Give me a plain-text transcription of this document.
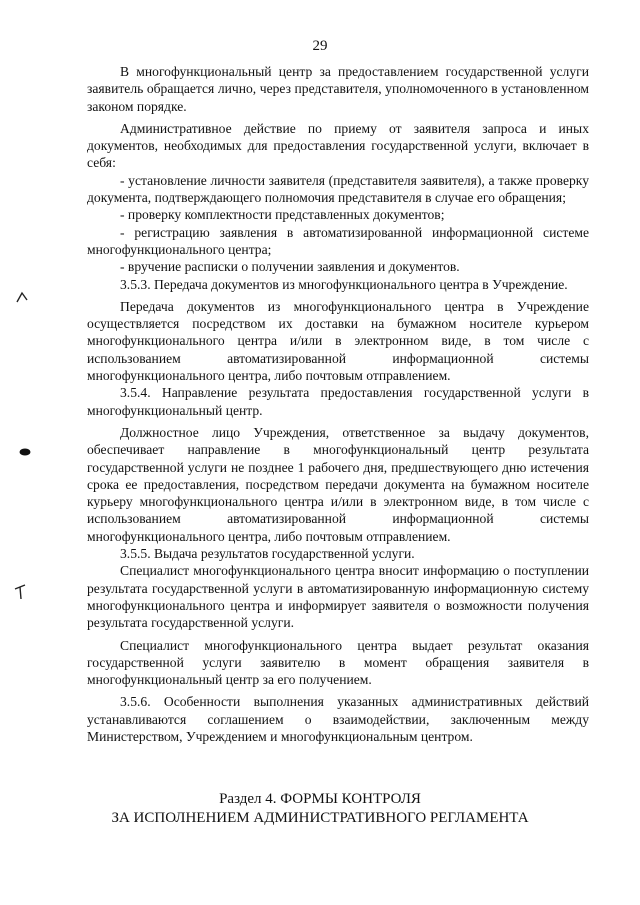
29

В многофункциональный центр за предоставлением государственной услуги заявитель обращается лично, через представителя, уполномоченного в установленном законом порядке.

Административное действие по приему от заявителя запроса и иных документов, необходимых для предоставления государственной услуги, включает в себя:

- установление личности заявителя (представителя заявителя), а также проверку документа, подтверждающего полномочия представителя в случае его обращения;

- проверку комплектности представленных документов;

- регистрацию заявления в автоматизированной информационной системе многофункционального центра;

- вручение расписки о получении заявления и документов.

3.5.3. Передача документов из многофункционального центра в Учреждение.

Передача документов из многофункционального центра в Учреждение осуществляется посредством их доставки на бумажном носителе курьером многофункционального центра и/или в электронном виде, в том числе с использованием автоматизированной информационной системы многофункционального центра, либо почтовым отправлением.

3.5.4. Направление результата предоставления государственной услуги в многофункциональный центр.

Должностное лицо Учреждения, ответственное за выдачу документов, обеспечивает направление в многофункциональный центр результата государственной услуги не позднее 1 рабочего дня, предшествующего дню истечения срока ее предоставления, посредством передачи документа на бумажном носителе курьеру многофункционального центра и/или в электронном виде, в том числе с использованием автоматизированной информационной системы многофункционального центра, либо почтовым отправлением.

3.5.5. Выдача результатов государственной услуги.

Специалист многофункционального центра вносит информацию о поступлении результата государственной услуги в автоматизированную информационную систему многофункционального центра и информирует заявителя о возможности получения результата государственной услуги.

Специалист многофункционального центра выдает результат оказания государственной услуги заявителю в момент обращения заявителя в многофункциональный центр за его получением.

3.5.6. Особенности выполнения указанных административных действий устанавливаются соглашением о взаимодействии, заключенным между Министерством, Учреждением и многофункциональным центром.

Раздел 4. ФОРМЫ КОНТРОЛЯ
ЗА ИСПОЛНЕНИЕМ АДМИНИСТРАТИВНОГО РЕГЛАМЕНТА
